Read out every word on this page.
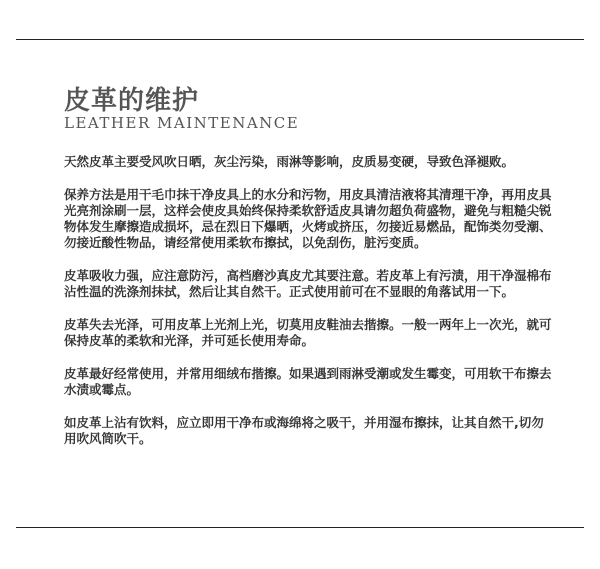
皮革的维护
LEATHER MAINTENANCE

天然皮革主要受风吹日晒，灰尘污染，雨淋等影响，皮质易变硬，导致色泽褪败。

保养方法是用干毛巾抹干净皮具上的水分和污物，用皮具清洁液将其清理干净，再用皮具光亮剂涂刷一层，这样会使皮具始终保持柔软舒适皮具请勿超负荷盛物，避免与粗糙尖锐物体发生摩擦造成损坏，忌在烈日下爆晒，火烤或挤压，勿接近易燃品，配饰类勿受潮、勿接近酸性物品，请经常使用柔软布擦拭，以免刮伤，脏污变质。

皮革吸收力强，应注意防污，高档磨沙真皮尤其要注意。若皮革上有污渍，用干净湿棉布沾性温的洗涤剂抹拭，然后让其自然干。正式使用前可在不显眼的角落试用一下。

皮革失去光泽，可用皮革上光剂上光，切莫用皮鞋油去揩擦。一般一两年上一次光，就可保持皮革的柔软和光泽，并可延长使用寿命。

皮革最好经常使用，并常用细绒布揩擦。如果遇到雨淋受潮或发生霉变，可用软干布擦去水渍或霉点。

如皮革上沾有饮料，应立即用干净布或海绵将之吸干，并用湿布擦抹，让其自然干,切勿用吹风筒吹干。
